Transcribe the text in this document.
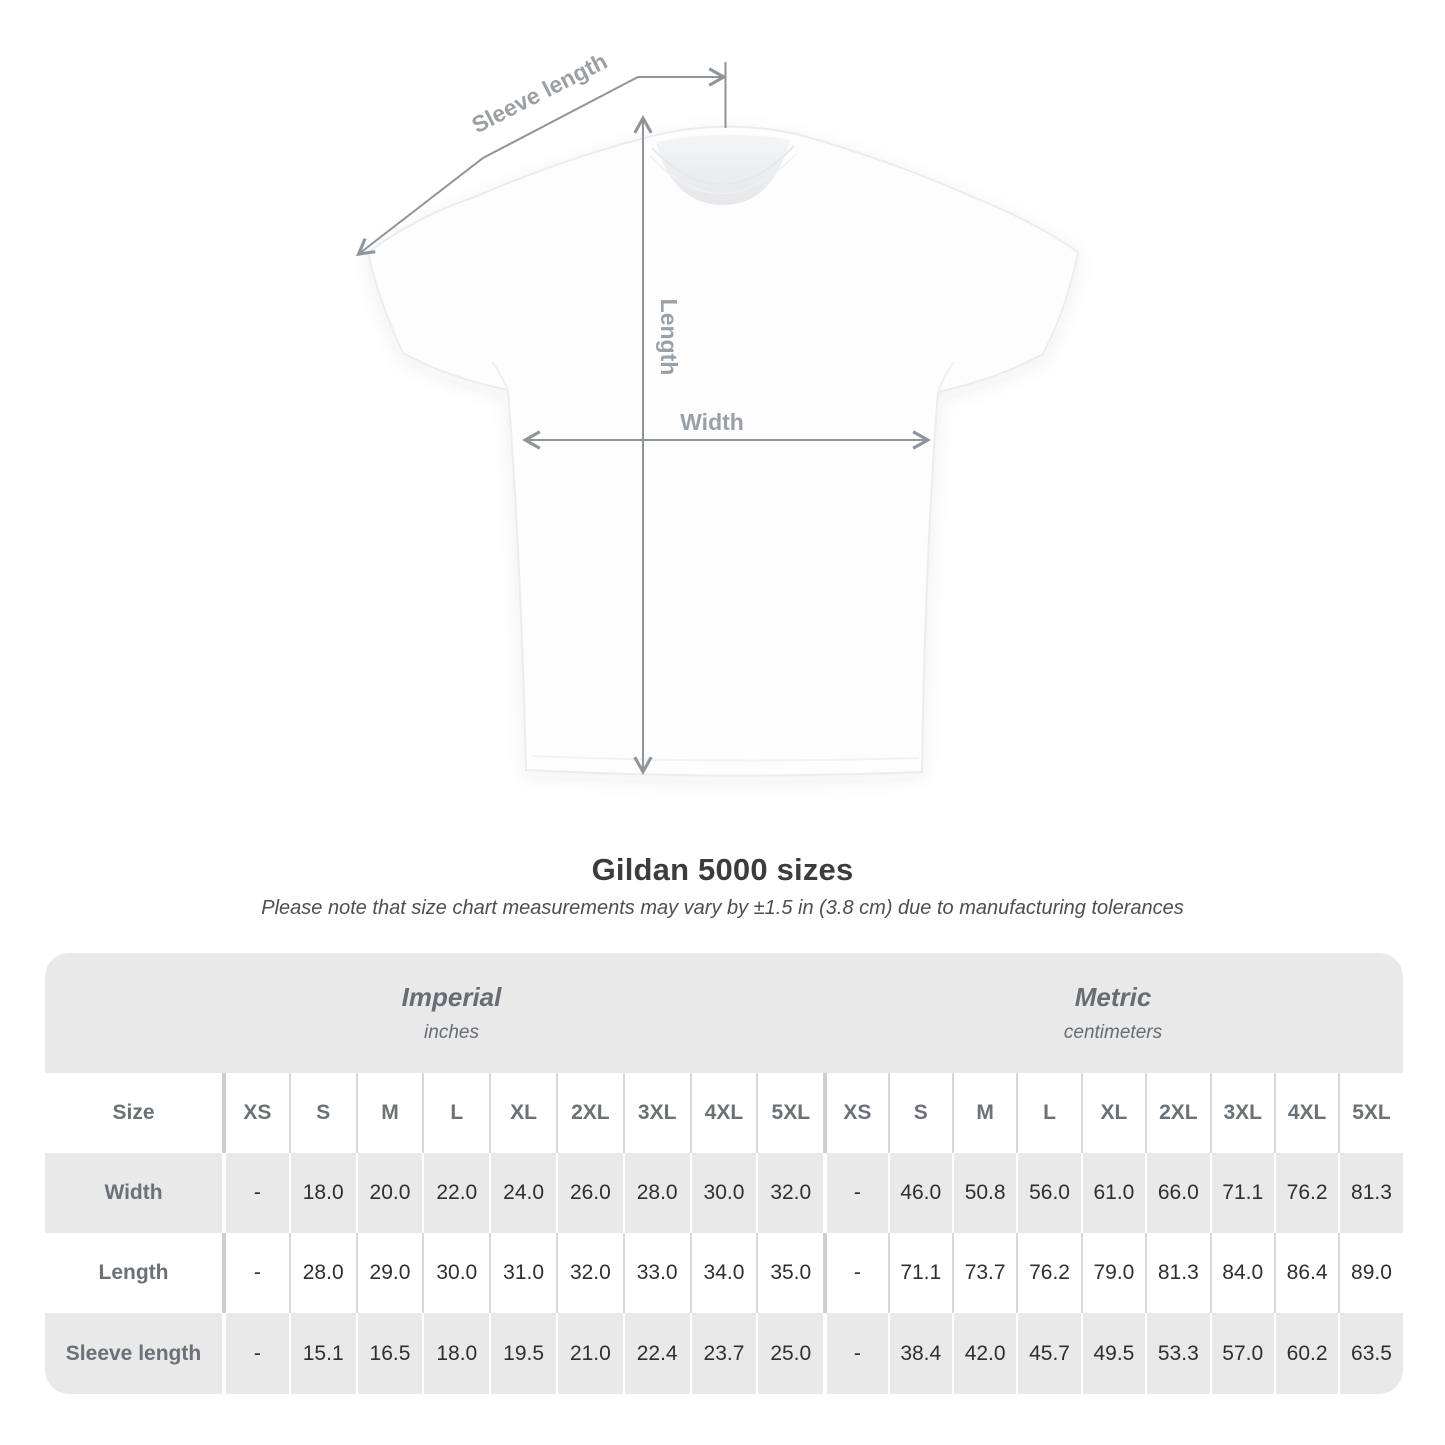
Sleeve length
Length
Width
Gildan 5000 sizes
Please note that size chart measurements may vary by ±1.5 in (3.8 cm) due to manufacturing tolerances
Imperial
inches
Metric
centimeters
Size	XS	S	M	L	XL	2XL	3XL	4XL	5XL	XS	S	M	L	XL	2XL	3XL	4XL	5XL
Width	-	18.0	20.0	22.0	24.0	26.0	28.0	30.0	32.0	-	46.0	50.8	56.0	61.0	66.0	71.1	76.2	81.3
Length	-	28.0	29.0	30.0	31.0	32.0	33.0	34.0	35.0	-	71.1	73.7	76.2	79.0	81.3	84.0	86.4	89.0
Sleeve length	-	15.1	16.5	18.0	19.5	21.0	22.4	23.7	25.0	-	38.4	42.0	45.7	49.5	53.3	57.0	60.2	63.5
